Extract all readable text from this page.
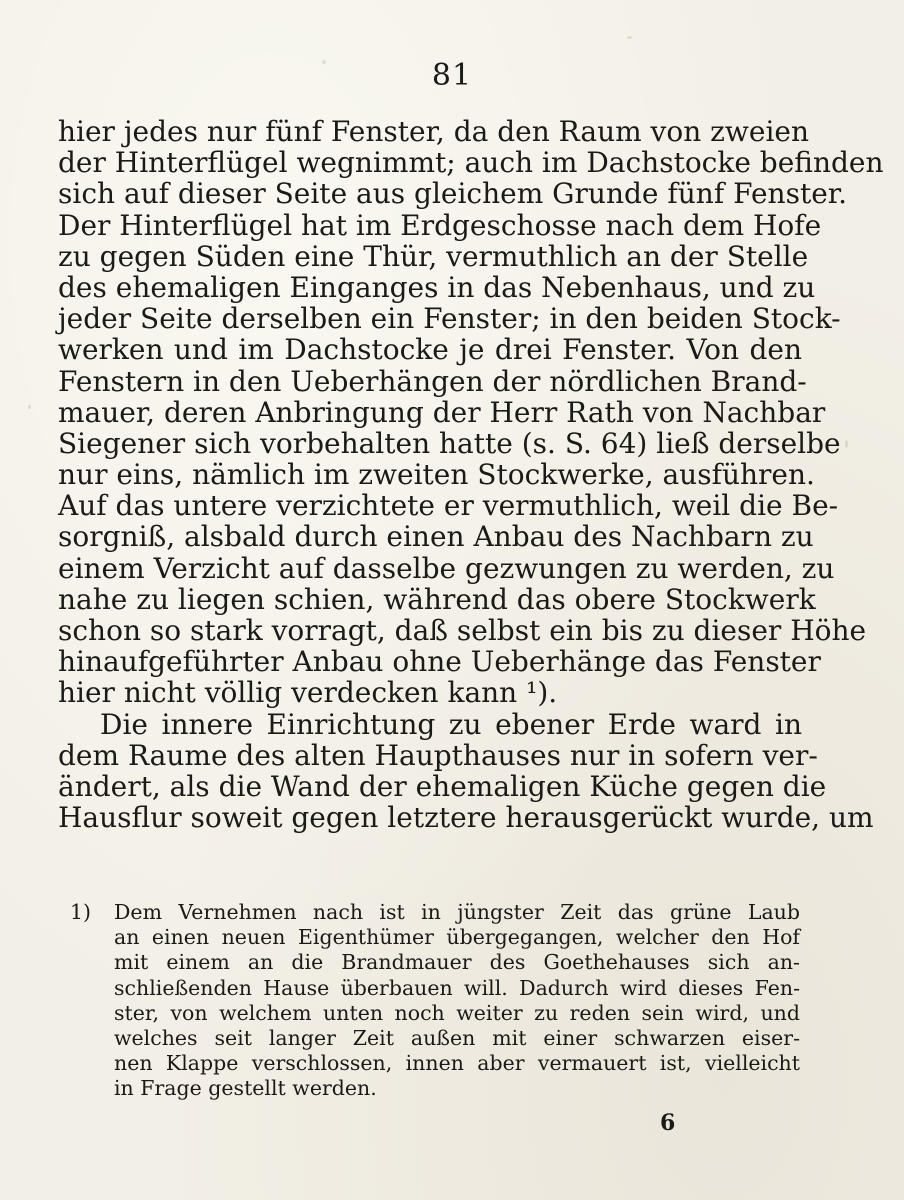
81
hier jedes nur fünf Fenster, da den Raum von zweien
der Hinterflügel wegnimmt; auch im Dachstocke befinden
sich auf dieser Seite aus gleichem Grunde fünf Fenster.
Der Hinterflügel hat im Erdgeschosse nach dem Hofe
zu gegen Süden eine Thür, vermuthlich an der Stelle
des ehemaligen Einganges in das Nebenhaus, und zu
jeder Seite derselben ein Fenster; in den beiden Stock-
werken und im Dachstocke je drei Fenster. Von den
Fenstern in den Ueberhängen der nördlichen Brand-
mauer, deren Anbringung der Herr Rath von Nachbar
Siegener sich vorbehalten hatte (s. S. 64) ließ derselbe
nur eins, nämlich im zweiten Stockwerke, ausführen.
Auf das untere verzichtete er vermuthlich, weil die Be-
sorgniß, alsbald durch einen Anbau des Nachbarn zu
einem Verzicht auf dasselbe gezwungen zu werden, zu
nahe zu liegen schien, während das obere Stockwerk
schon so stark vorragt, daß selbst ein bis zu dieser Höhe
hinaufgeführter Anbau ohne Ueberhänge das Fenster
hier nicht völlig verdecken kann ¹).
Die innere Einrichtung zu ebener Erde ward in
dem Raume des alten Haupthauses nur in sofern ver-
ändert, als die Wand der ehemaligen Küche gegen die
Hausflur soweit gegen letztere herausgerückt wurde, um
1) Dem Vernehmen nach ist in jüngster Zeit das grüne Laub
an einen neuen Eigenthümer übergegangen, welcher den Hof
mit einem an die Brandmauer des Goethehauses sich an-
schließenden Hause überbauen will. Dadurch wird dieses Fen-
ster, von welchem unten noch weiter zu reden sein wird, und
welches seit langer Zeit außen mit einer schwarzen eiser-
nen Klappe verschlossen, innen aber vermauert ist, vielleicht
in Frage gestellt werden.
6
